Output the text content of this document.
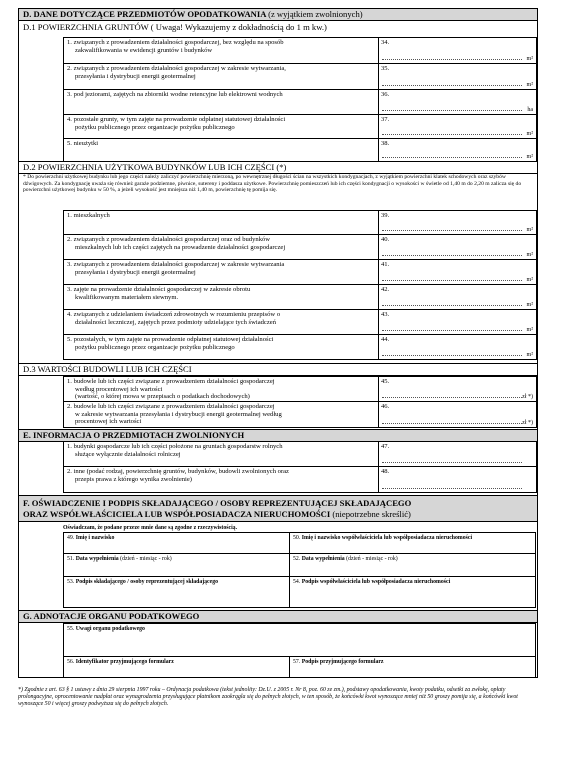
D. DANE DOTYCZĄCE PRZEDMIOTÓW OPODATKOWANIA (z wyjątkiem zwolnionych)
D.1 POWIERZCHNIA GRUNTÓW ( Uwaga! Wykazujemy z dokładnością do 1 m kw.)
1. związanych z prowadzeniem działalności gospodarczej, bez względu na sposób
zakwalifikowania w ewidencji gruntów i budynków
34.
m²
2. związanych z prowadzeniem działalności gospodarczej w zakresie wytwarzania,
przesyłania i dystrybucji energii geotermalnej
35.
m²
3. pod jeziorami, zajętych na zbiorniki wodne retencyjne lub elektrowni wodnych	36.
ha
4. pozostałe grunty, w tym zajęte na prowadzenie odpłatnej statutowej działalności
pożytku publicznego przez organizacje pożytku publicznego
37.
m²
5. nieużytki	38.
m²
D.2 POWIERZCHNIA UŻYTKOWA BUDYNKÓW LUB ICH CZĘŚCI (*)
* Do powierzchni użytkowej budynku lub jego części należy zaliczyć powierzchnię mierzoną, po wewnętrznej długości ścian na wszystkich kondygnacjach, z wyjątkiem powierzchni klatek schodowych oraz szybów dźwigowych. Za kondygnację uważa się również garaże podziemne, piwnice, sutereny i poddasza użytkowe. Powierzchnię pomieszczeń lub ich części kondygnacji o wysokości w świetle od 1,40 m do 2,20 m zalicza się do powierzchni użytkowej budynku w 50 %, a jeżeli wysokość jest mniejsza niż 1,40 m, powierzchnię tę pomija się.
1. mieszkalnych	39.
m²
2. związanych z prowadzeniem działalności gospodarczej oraz od budynków
mieszkalnych lub ich części zajętych na prowadzenie działalności gospodarczej
40.
m²
3. związanych z prowadzeniem działalności gospodarczej w zakresie wytwarzania
przesyłania i dystrybucji energii geotermalnej
41.
m²
3. zajęte na prowadzenie działalności gospodarczej w zakresie obrotu
kwalifikowanym materiałem siewnym.
42.
m²
4. związanych z udzielaniem świadczeń zdrowotnych w rozumieniu przepisów o
działalności leczniczej, zajętych przez podmioty udzielające tych świadczeń
43.
m²
5. pozostałych, w tym zajęte na prowadzenie odpłatnej statutowej działalności
pożytku publicznego przez organizacje pożytku publicznego
44.
m²
D.3 WARTOŚCI BUDOWLI LUB ICH CZĘŚCI
1. budowle lub ich części związane z prowadzeniem działalności gospodarczej
według procentowej ich wartości
(wartość, o której mowa w przepisach o podatkach dochodowych)
45.
zł *)
2. budowle lub ich części związane z prowadzeniem działalności gospodarczej
w zakresie wytwarzania przesyłania i dystrybucji energii geotermalnej według
procentowej ich wartości
46.
zł *)
E. INFORMACJA O PRZEDMIOTACH ZWOLNIONYCH
1. budynki gospodarcze lub ich części położone na gruntach gospodarstw rolnych
służące wyłącznie działalności rolniczej
47.
2. inne (podać rodzaj, powierzchnię gruntów, budynków, budowli zwolnionych oraz
przepis prawa z którego wynika zwolnienie)
48.
F. OŚWIADCZENIE I PODPIS SKŁADAJĄCEGO / OSOBY REPREZENTUJĄCEJ SKŁADAJĄCEGO
ORAZ WSPÓŁWŁAŚCICIELA LUB WSPÓŁPOSIADACZA NIERUCHOMOŚCI (niepotrzebne skreślić)
Oświadczam, że podane przeze mnie dane są zgodne z rzeczywistością.
49. Imię i nazwisko	50. Imię i nazwisko współwłaściciela lub współposiadacza nieruchomości
51. Data wypełnienia (dzień - miesiąc - rok)	52. Data wypełnienia (dzień - miesiąc - rok)
53. Podpis składającego / osoby reprezentującej składającego	54. Podpis współwłaściciela lub współposiadacza nieruchomości
G. ADNOTACJE ORGANU PODATKOWEGO
55. Uwagi organu podatkowego
56. Identyfikator przyjmującego formularz	57. Podpis przyjmującego formularz
*) Zgodnie z art. 63 § 1 ustawy z dnia 29 sierpnia 1997 roku – Ordynacja podatkowa (tekst jednolity: Dz.U. z 2005 r. Nr 8, poz. 60 ze zm.), podstawy opodatkowania, kwoty podatku, odsetki za zwłokę, opłaty prolongacyjne, oprocentowanie nadpłat oraz wynagrodzenia przysługujące płatnikom zaokrągla się do pełnych złotych, w ten sposób, że końcówki kwot wynoszące mniej niż 50 groszy pomija się, a końcówki kwot wynoszące 50 i więcej groszy podwyższa się do pełnych złotych.
